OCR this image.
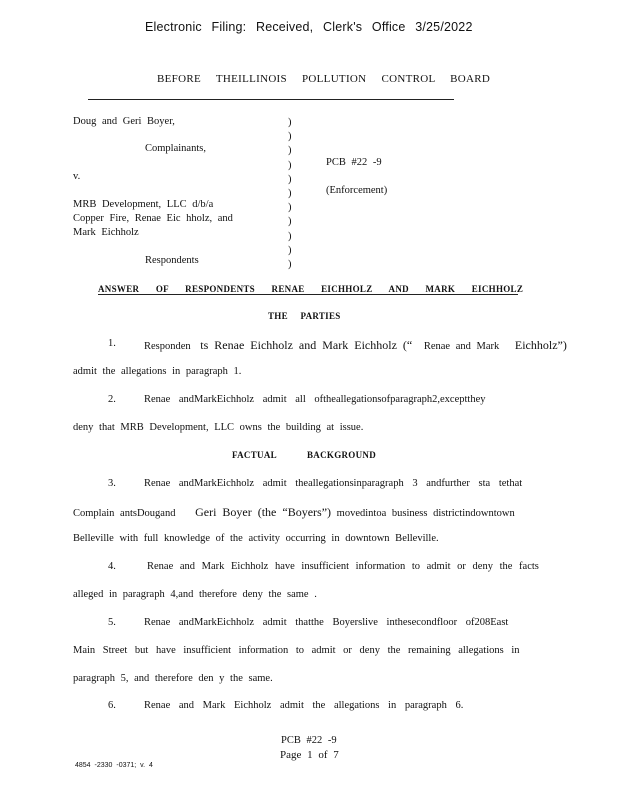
Electronic Filing: Received, Clerk's Office 3/25/2022
BEFORE THEILLINOIS POLLUTION CONTROL BOARD
Doug and Geri Boyer,
Complainants,
v.
MRB Development, LLC d/b/a
Copper Fire, Renae Eic hholz, and
Mark Eichholz
Respondents
)
)
)
)
)
)
)
)
)
)
)
PCB #22 -9
(Enforcement)
ANSWER OF RESPONDENTS RENAE EICHHOLZ AND MARK EICHHOLZ
THE PARTIES
1.	Responden ts Renae Eichholz and Mark Eichholz (“ Renae and Mark Eichholz”)
admit the allegations in paragraph 1.
2.	Renae andMarkEichholz admit all oftheallegationsofparagraph2,exceptthey
deny that MRB Development, LLC owns the building at issue.
FACTUAL BACKGROUND
3.	Renae andMarkEichholz admit theallegationsinparagraph 3 andfurther sta tethat
Complain antsDougand Geri Boyer (the “Boyers”) movedintoa business districtindowntown
Belleville with full knowledge of the activity occurring in downtown Belleville.
4.	Renae and Mark Eichholz have insufficient information to admit or deny the facts
alleged in paragraph 4,and therefore deny the same .
5.	Renae andMarkEichholz admit thatthe Boyerslive inthesecondfloor of208East
Main Street but have insufficient information to admit or deny the remaining allegations in
paragraph 5, and therefore den y the same.
6.	Renae and Mark Eichholz admit the allegations in paragraph 6.
PCB #22 -9
Page 1 of 7
4854 -2330 -0371; v. 4
